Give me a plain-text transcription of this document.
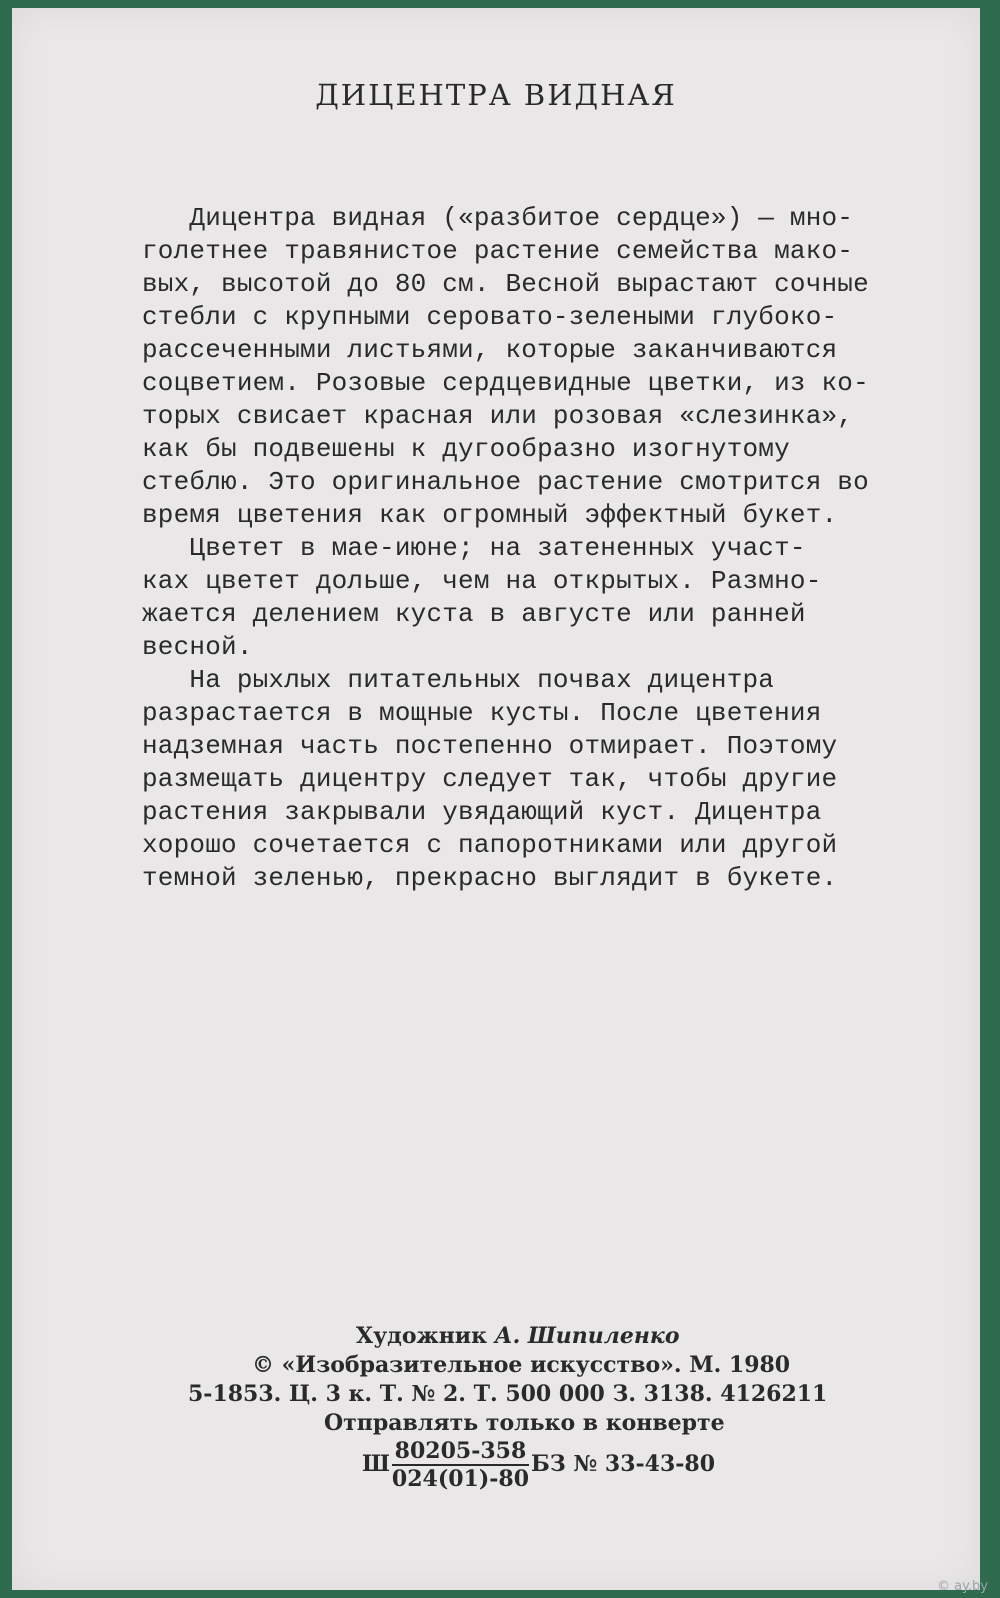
ДИЦЕНТРА ВИДНАЯ
Дицентра видная («разбитое сердце») — мно-
голетнее травянистое растение семейства мако-
вых, высотой до 80 см. Весной вырастают сочные
стебли с крупными серовато-зелеными глубоко-
рассеченными листьями, которые заканчиваются
соцветием. Розовые сердцевидные цветки, из ко-
торых свисает красная или розовая «слезинка»,
как бы подвешены к дугообразно изогнутому
стеблю. Это оригинальное растение смотрится во
время цветения как огромный эффектный букет.
Цветет в мае-июне; на затененных участ-
ках цветет дольше, чем на открытых. Размно-
жается делением куста в августе или ранней
весной.
На рыхлых питательных почвах дицентра
разрастается в мощные кусты. После цветения
надземная часть постепенно отмирает. Поэтому
размещать дицентру следует так, чтобы другие
растения закрывали увядающий куст. Дицентра
хорошо сочетается с папоротниками или другой
темной зеленью, прекрасно выглядит в букете.
Художник А. Шипиленко
© «Изобразительное искусство». М. 1980
5-1853. Ц. 3 к. Т. № 2. Т. 500 000 З. 3138. 4126211
Отправлять только в конверте
Ш $\frac{80205-358}{024(01)-80}$ БЗ № 33-43-80
© ay.by
